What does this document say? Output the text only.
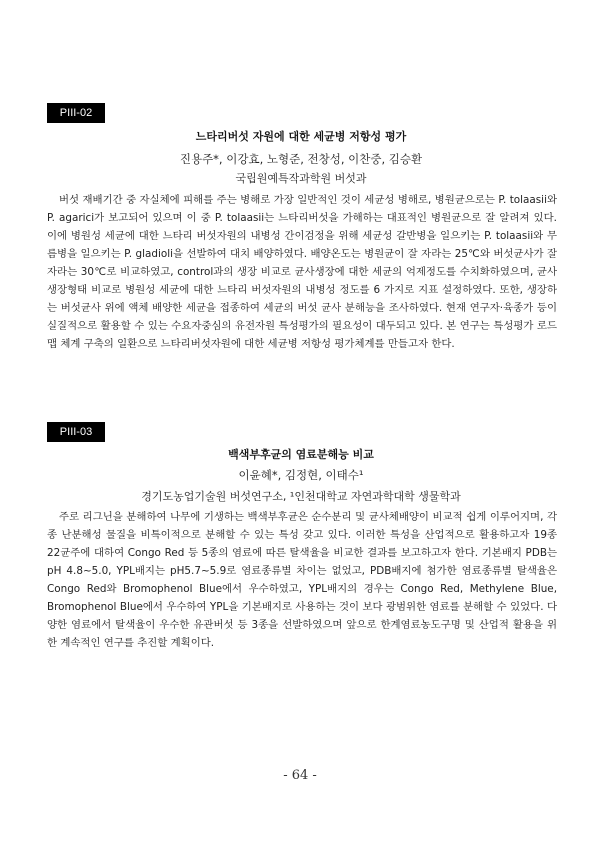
PIII-02
느타리버섯 자원에 대한 세균병 저항성 평가
진용주*, 이강효, 노형준, 전창성, 이찬중, 김승환
국립원예특작과학원 버섯과

버섯 재배기간 중 자실체에 피해를 주는 병해로 가장 일반적인 것이 세균성 병해로, 병원균으로는 P. tolaasii와 P. agarici가 보고되어 있으며 이 중 P. tolaasii는 느타리버섯을 가해하는 대표적인 병원균으로 잘 알려져 있다. 이에 병원성 세균에 대한 느타리 버섯자원의 내병성 간이검정을 위해 세균성 갈반병을 일으키는 P. tolaasii와 무름병을 일으키는 P. gladioli을 선발하여 대치 배양하였다. 배양온도는 병원균이 잘 자라는 25℃와 버섯균사가 잘 자라는 30℃로 비교하였고, control과의 생장 비교로 균사생장에 대한 세균의 억제정도를 수치화하였으며, 균사 생장형태 비교로 병원성 세균에 대한 느타리 버섯자원의 내병성 정도를 6 가지로 지표 설정하였다. 또한, 생장하는 버섯균사 위에 액체 배양한 세균을 접종하여 세균의 버섯 균사 분해능을 조사하였다. 현재 연구자·육종가 등이 실질적으로 활용할 수 있는 수요자중심의 유전자원 특성평가의 필요성이 대두되고 있다. 본 연구는 특성평가 로드맵 체계 구축의 일환으로 느타리버섯자원에 대한 세균병 저항성 평가체계를 만들고자 한다.

PIII-03
백색부후균의 염료분해능 비교
이윤혜*, 김정현, 이태수¹
경기도농업기술원 버섯연구소, ¹인천대학교 자연과학대학 생물학과

주로 리그닌을 분해하여 나무에 기생하는 백색부후균은 순수분리 및 균사체배양이 비교적 쉽게 이루어지며, 각종 난분해성 물질을 비특이적으로 분해할 수 있는 특성 갖고 있다. 이러한 특성을 산업적으로 활용하고자 19종 22균주에 대하여 Congo Red 등 5종의 염료에 따른 탈색율을 비교한 결과를 보고하고자 한다. 기본배지 PDB는 pH 4.8~5.0, YPL배지는 pH5.7~5.9로 염료종류별 차이는 없었고, PDB배지에 첨가한 염료종류별 탈색율은 Congo Red와 Bromophenol Blue에서 우수하였고, YPL배지의 경우는 Congo Red, Methylene Blue, Bromophenol Blue에서 우수하여 YPL을 기본배지로 사용하는 것이 보다 광범위한 염료를 분해할 수 있었다. 다양한 염료에서 탈색율이 우수한 유관버섯 등 3종을 선발하였으며 앞으로 한계염료농도구명 및 산업적 활용을 위한 계속적인 연구를 추진할 계획이다.

- 64 -
